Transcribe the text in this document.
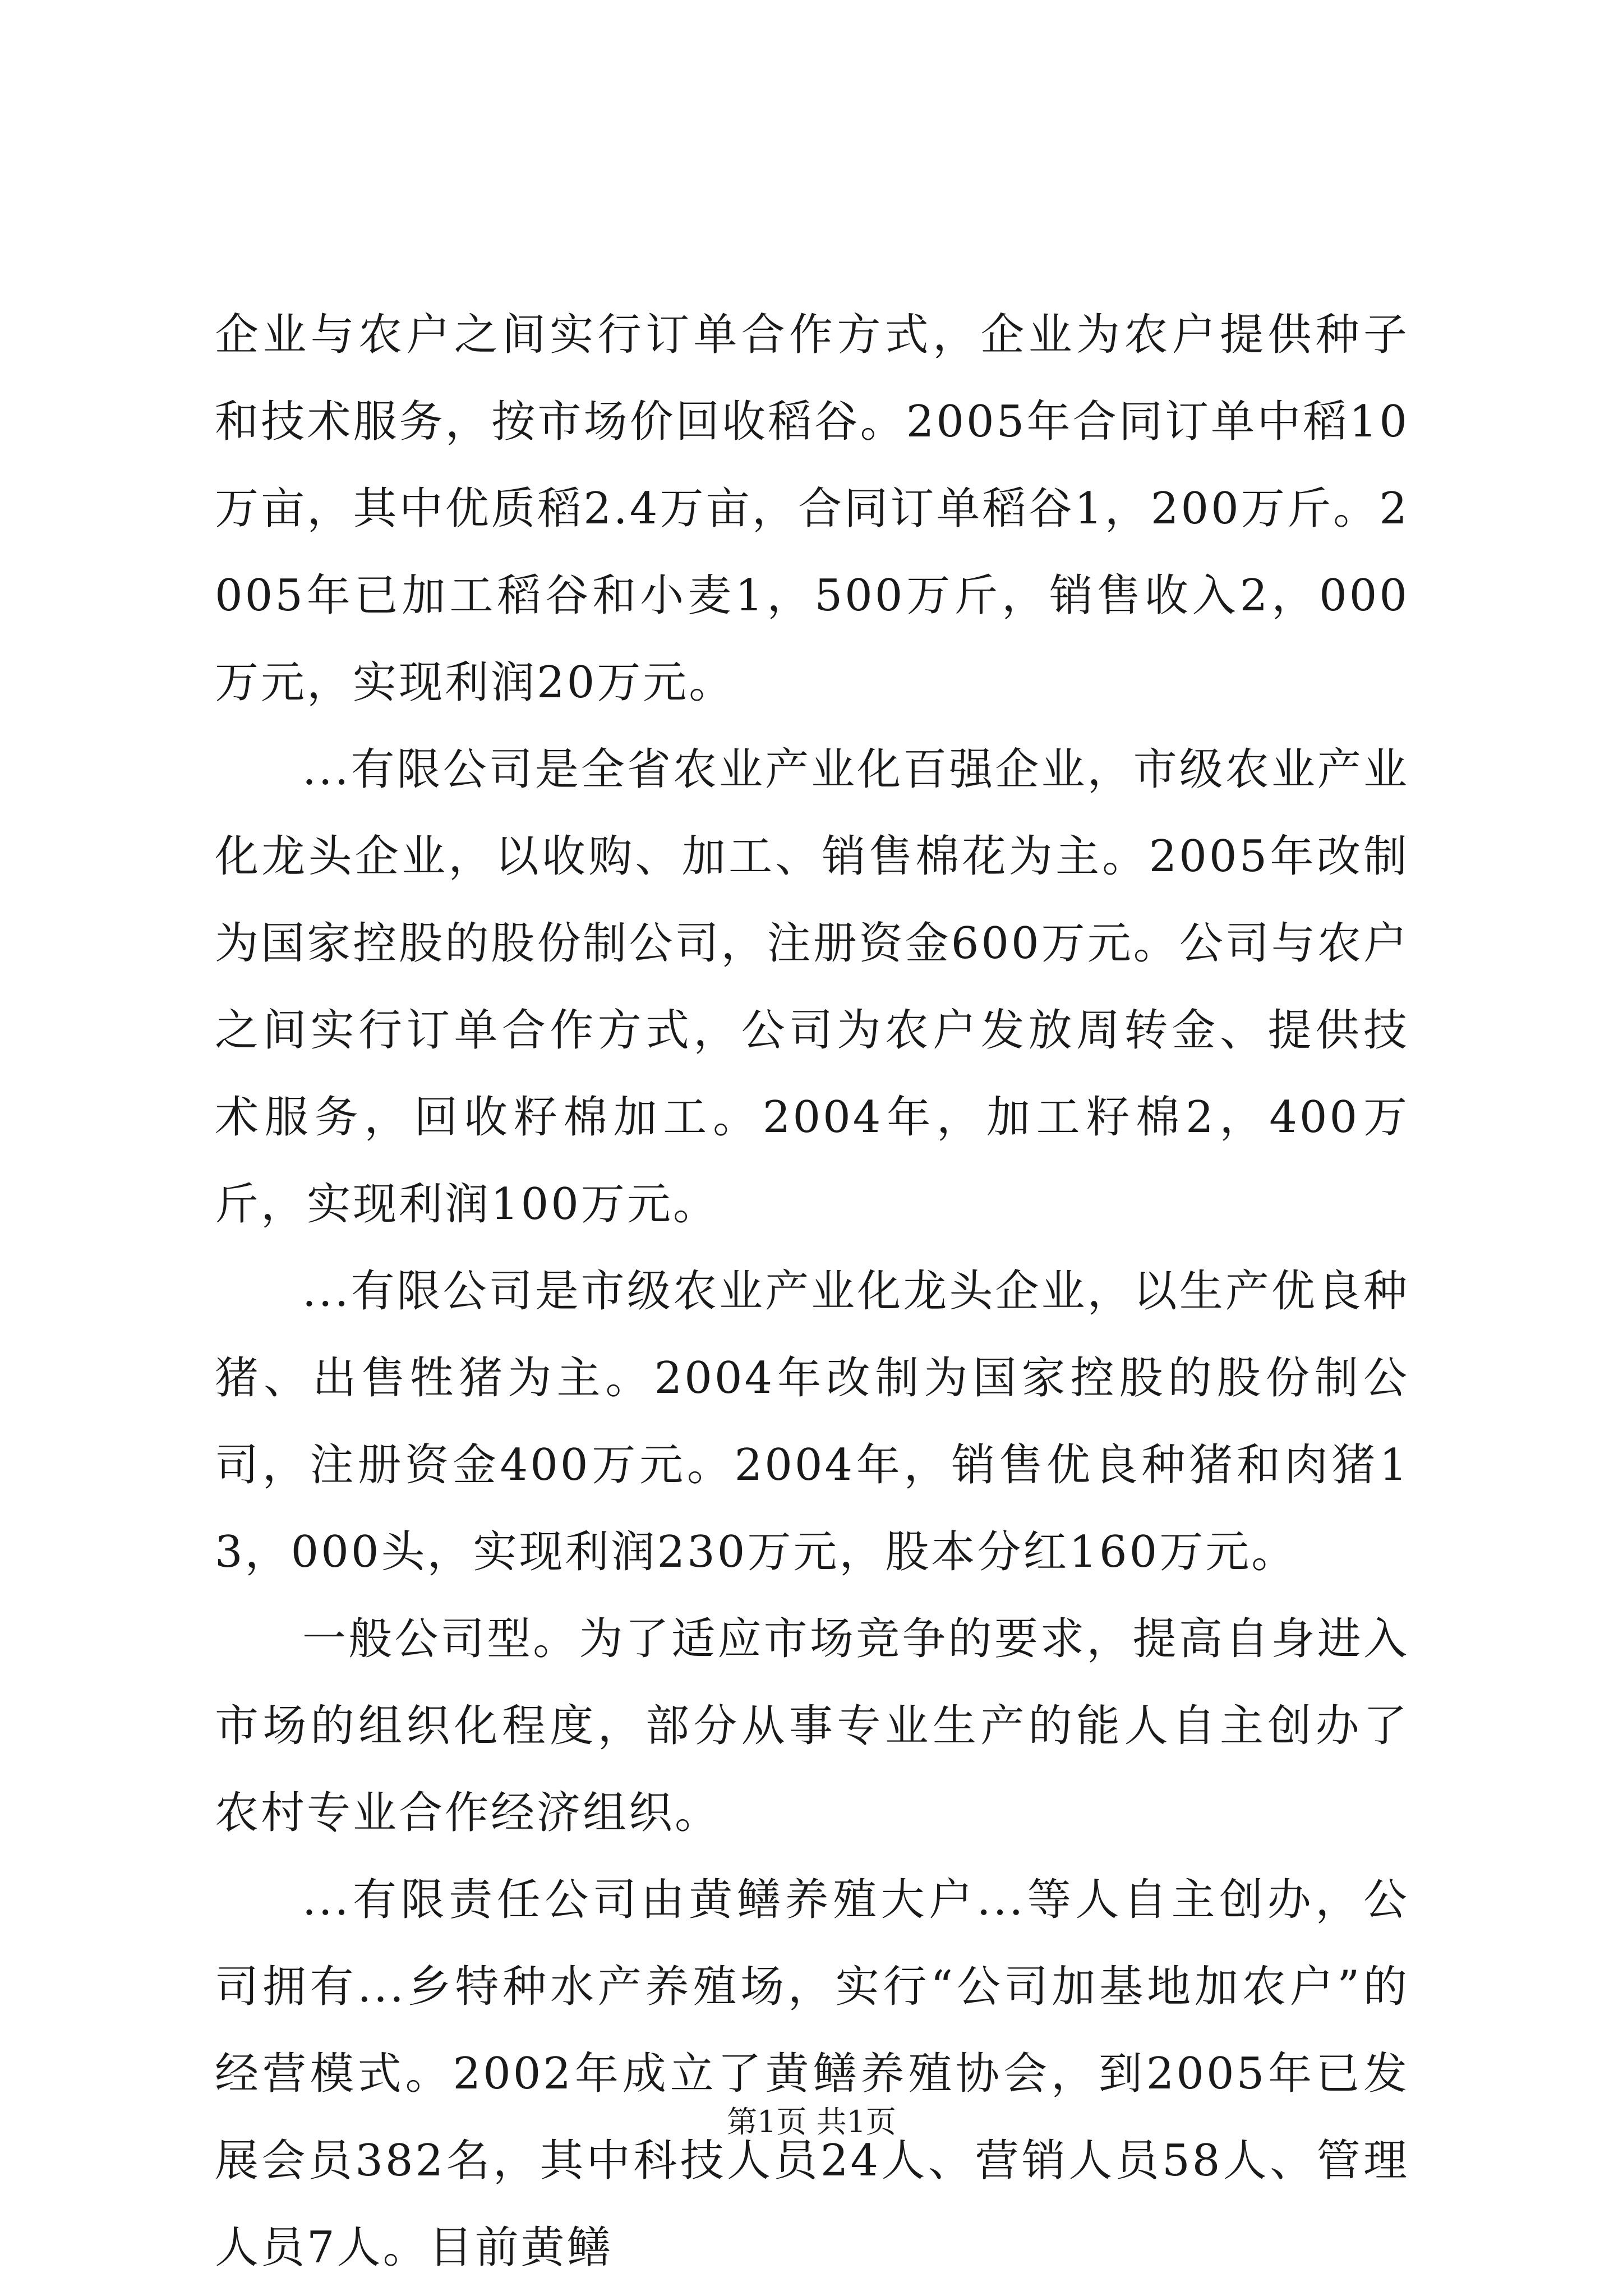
企业与农户之间实行订单合作方式，企业为农户提供种子和技术服务，按市场价回收稻谷。2005年合同订单中稻10万亩，其中优质稻2.4万亩，合同订单稻谷1，200万斤。2005年已加工稻谷和小麦1，500万斤，销售收入2，000万元，实现利润20万元。

...有限公司是全省农业产业化百强企业，市级农业产业化龙头企业，以收购、加工、销售棉花为主。2005年改制为国家控股的股份制公司，注册资金600万元。公司与农户之间实行订单合作方式，公司为农户发放周转金、提供技术服务，回收籽棉加工。2004年，加工籽棉2，400万斤，实现利润100万元。

...有限公司是市级农业产业化龙头企业，以生产优良种猪、出售牲猪为主。2004年改制为国家控股的股份制公司，注册资金400万元。2004年，销售优良种猪和肉猪13，000头，实现利润230万元，股本分红160万元。

一般公司型。为了适应市场竞争的要求，提高自身进入市场的组织化程度，部分从事专业生产的能人自主创办了农村专业合作经济组织。

...有限责任公司由黄鳝养殖大户...等人自主创办，公司拥有...乡特种水产养殖场，实行“公司加基地加农户”的经营模式。2002年成立了黄鳝养殖协会，到2005年已发展会员382名，其中科技人员24人、营销人员58人、管理人员7人。目前黄鳝

第1页 共1页
